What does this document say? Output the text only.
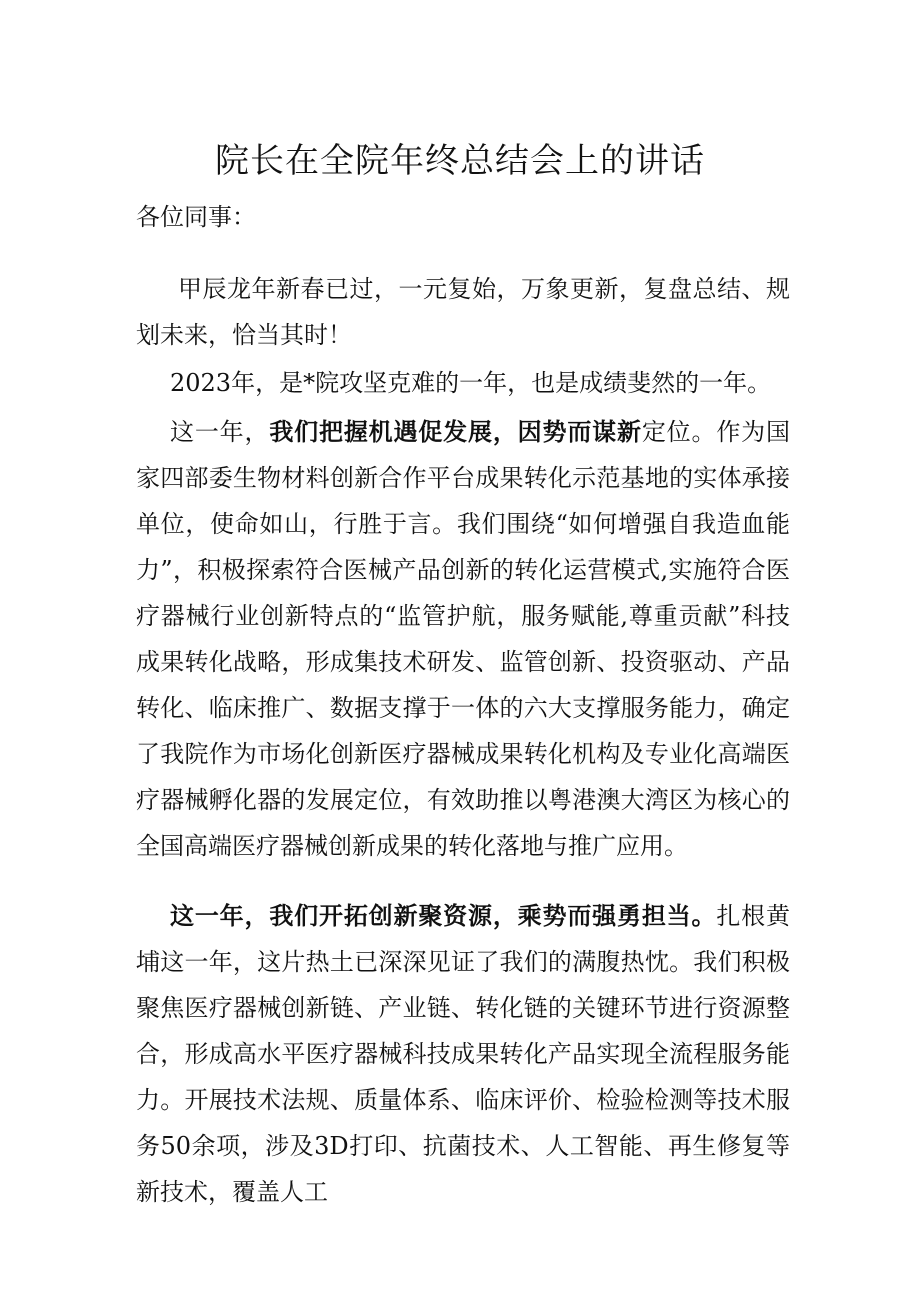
院长在全院年终总结会上的讲话

各位同事：

甲辰龙年新春已过，一元复始，万象更新，复盘总结、规划未来，恰当其时！

2023年，是*院攻坚克难的一年，也是成绩斐然的一年。

这一年，我们把握机遇促发展，因势而谋新定位。作为国家四部委生物材料创新合作平台成果转化示范基地的实体承接单位，使命如山，行胜于言。我们围绕“如何增强自我造血能力”，积极探索符合医械产品创新的转化运营模式,实施符合医疗器械行业创新特点的“监管护航，服务赋能,尊重贡献”科技成果转化战略，形成集技术研发、监管创新、投资驱动、产品转化、临床推广、数据支撑于一体的六大支撑服务能力，确定了我院作为市场化创新医疗器械成果转化机构及专业化高端医疗器械孵化器的发展定位，有效助推以粤港澳大湾区为核心的全国高端医疗器械创新成果的转化落地与推广应用。

这一年，我们开拓创新聚资源，乘势而强勇担当。扎根黄埔这一年，这片热土已深深见证了我们的满腹热忱。我们积极聚焦医疗器械创新链、产业链、转化链的关键环节进行资源整合，形成高水平医疗器械科技成果转化产品实现全流程服务能力。开展技术法规、质量体系、临床评价、检验检测等技术服务50余项，涉及3D打印、抗菌技术、人工智能、再生修复等新技术，覆盖人工
